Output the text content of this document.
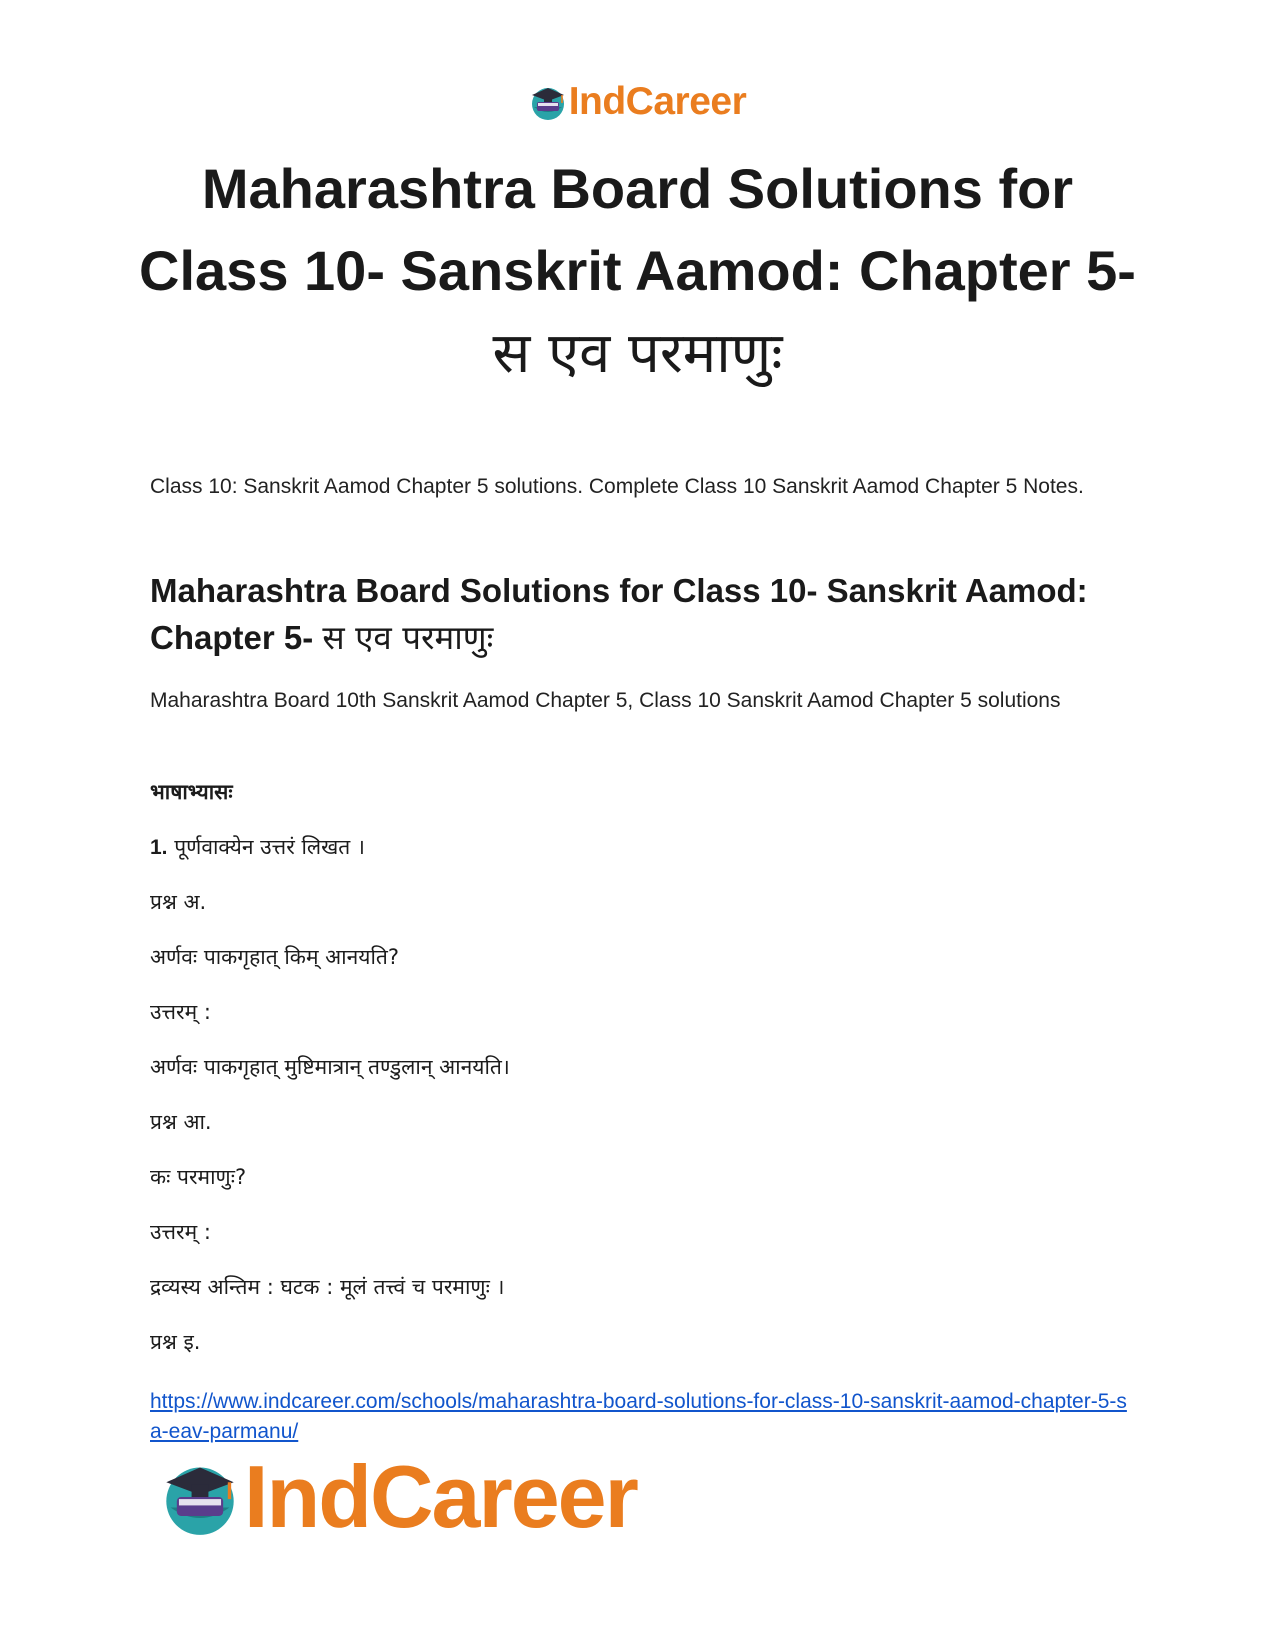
IndCareer
Maharashtra Board Solutions for
Class 10- Sanskrit Aamod: Chapter 5-
स एव परमाणुः

Class 10: Sanskrit Aamod Chapter 5 solutions. Complete Class 10 Sanskrit Aamod Chapter 5 Notes.

Maharashtra Board Solutions for Class 10- Sanskrit Aamod: Chapter 5- स एव परमाणुः

Maharashtra Board 10th Sanskrit Aamod Chapter 5, Class 10 Sanskrit Aamod Chapter 5 solutions

भाषाभ्यासः

1. पूर्णवाक्येन उत्तरं लिखत ।

प्रश्न अ.

अर्णवः पाकगृहात् किम् आनयति?

उत्तरम् :

अर्णवः पाकगृहात् मुष्टिमात्रान् तण्डुलान् आनयति।

प्रश्न आ.

कः परमाणुः?

उत्तरम् :

द्रव्यस्य अन्तिम : घटक : मूलं तत्त्वं च परमाणुः ।

प्रश्न इ.

https://www.indcareer.com/schools/maharashtra-board-solutions-for-class-10-sanskrit-aamod-chapter-5-sa-eav-parmanu/
IndCareer
